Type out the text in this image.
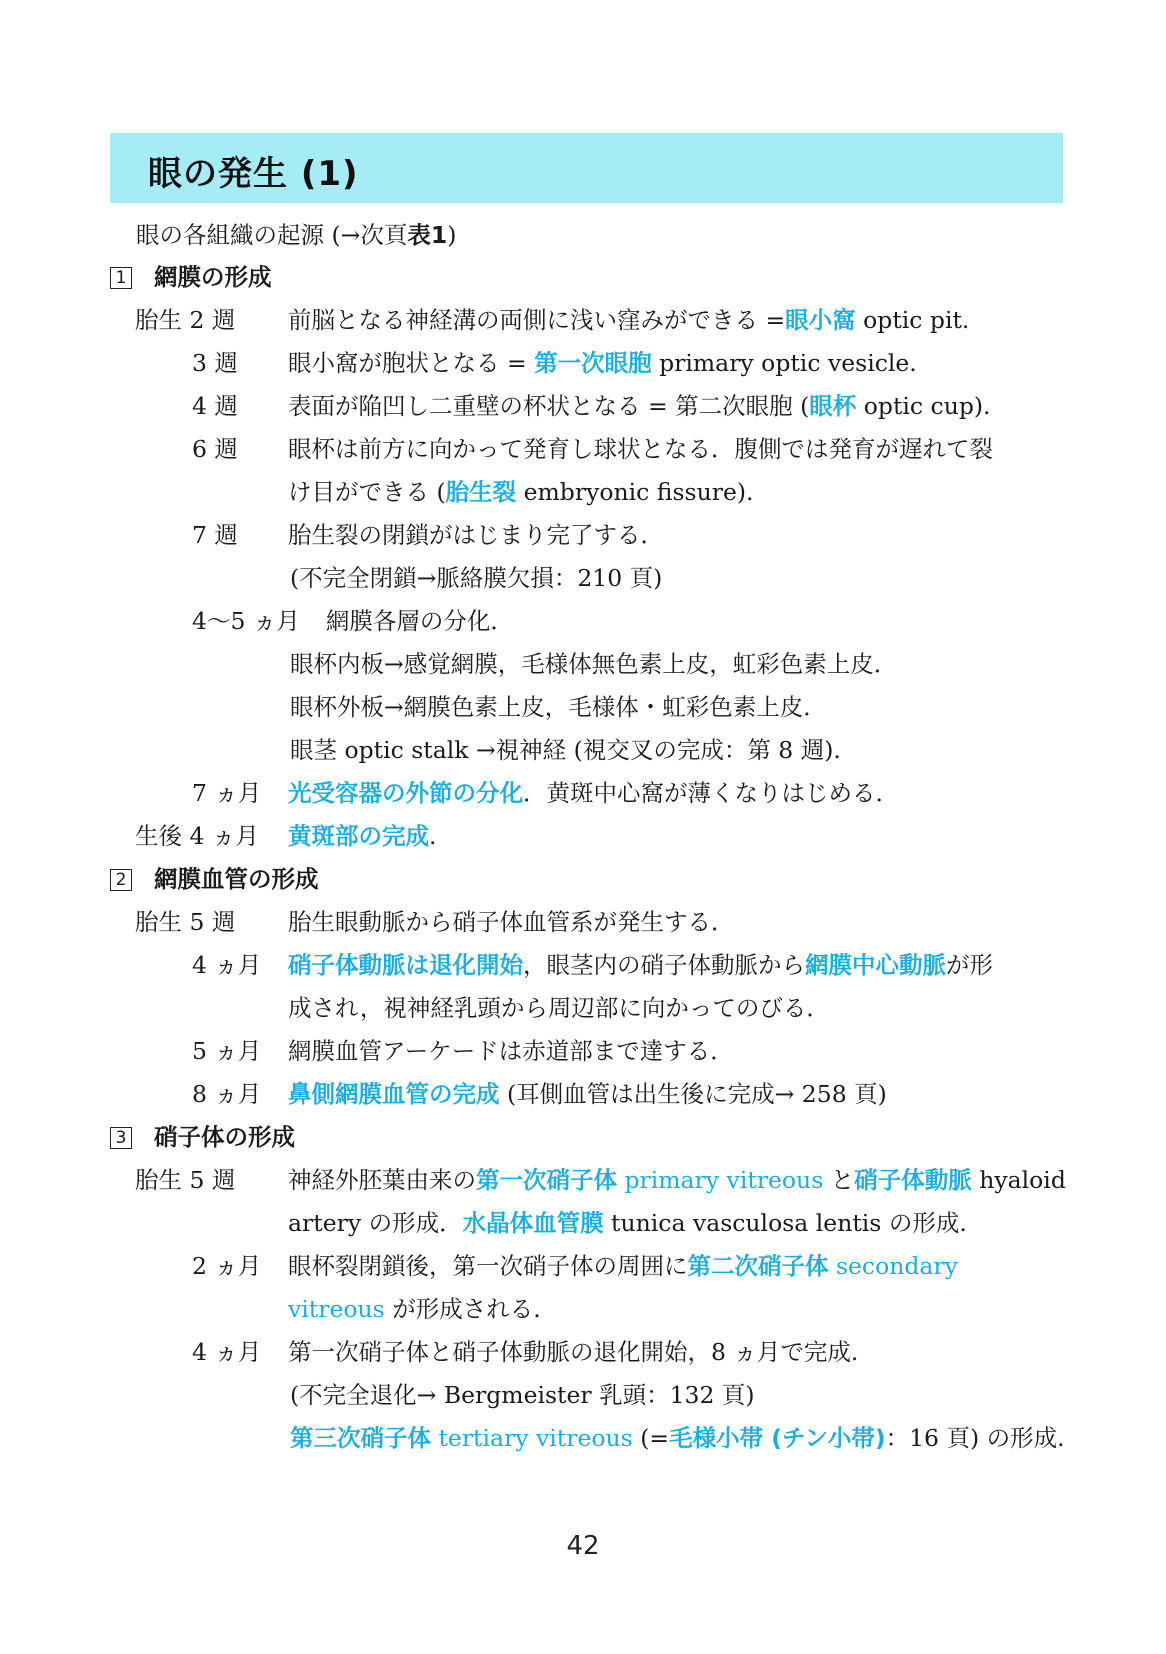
眼の発生 (1)
眼の各組織の起源 (→次頁表1)
1 網膜の形成
胎生 2 週 前脳となる神経溝の両側に浅い窪みができる =眼小窩 optic pit.
3 週 眼小窩が胞状となる = 第一次眼胞 primary optic vesicle.
4 週 表面が陥凹し二重壁の杯状となる = 第二次眼胞 (眼杯 optic cup).
6 週 眼杯は前方に向かって発育し球状となる．腹側では発育が遅れて裂
け目ができる (胎生裂 embryonic fissure).
7 週 胎生裂の閉鎖がはじまり完了する．
(不完全閉鎖→脈絡膜欠損：210 頁)
4〜5 ヵ月 網膜各層の分化．
眼杯内板→感覚網膜，毛様体無色素上皮，虹彩色素上皮．
眼杯外板→網膜色素上皮，毛様体・虹彩色素上皮．
眼茎 optic stalk →視神経 (視交叉の完成：第 8 週).
7 ヵ月 光受容器の外節の分化．黄斑中心窩が薄くなりはじめる．
生後 4 ヵ月 黄斑部の完成.
2 網膜血管の形成
胎生 5 週 胎生眼動脈から硝子体血管系が発生する．
4 ヵ月 硝子体動脈は退化開始，眼茎内の硝子体動脈から網膜中心動脈が形
成され，視神経乳頭から周辺部に向かってのびる．
5 ヵ月 網膜血管アーケードは赤道部まで達する．
8 ヵ月 鼻側網膜血管の完成 (耳側血管は出生後に完成→ 258 頁)
3 硝子体の形成
胎生 5 週 神経外胚葉由来の第一次硝子体 primary vitreous と硝子体動脈 hyaloid
artery の形成．水晶体血管膜 tunica vasculosa lentis の形成.
2 ヵ月 眼杯裂閉鎖後，第一次硝子体の周囲に第二次硝子体 secondary
vitreous が形成される.
4 ヵ月 第一次硝子体と硝子体動脈の退化開始，8 ヵ月で完成.
(不完全退化→ Bergmeister 乳頭：132 頁)
第三次硝子体 tertiary vitreous (=毛様小帯 (チン小帯)：16 頁) の形成.
42
